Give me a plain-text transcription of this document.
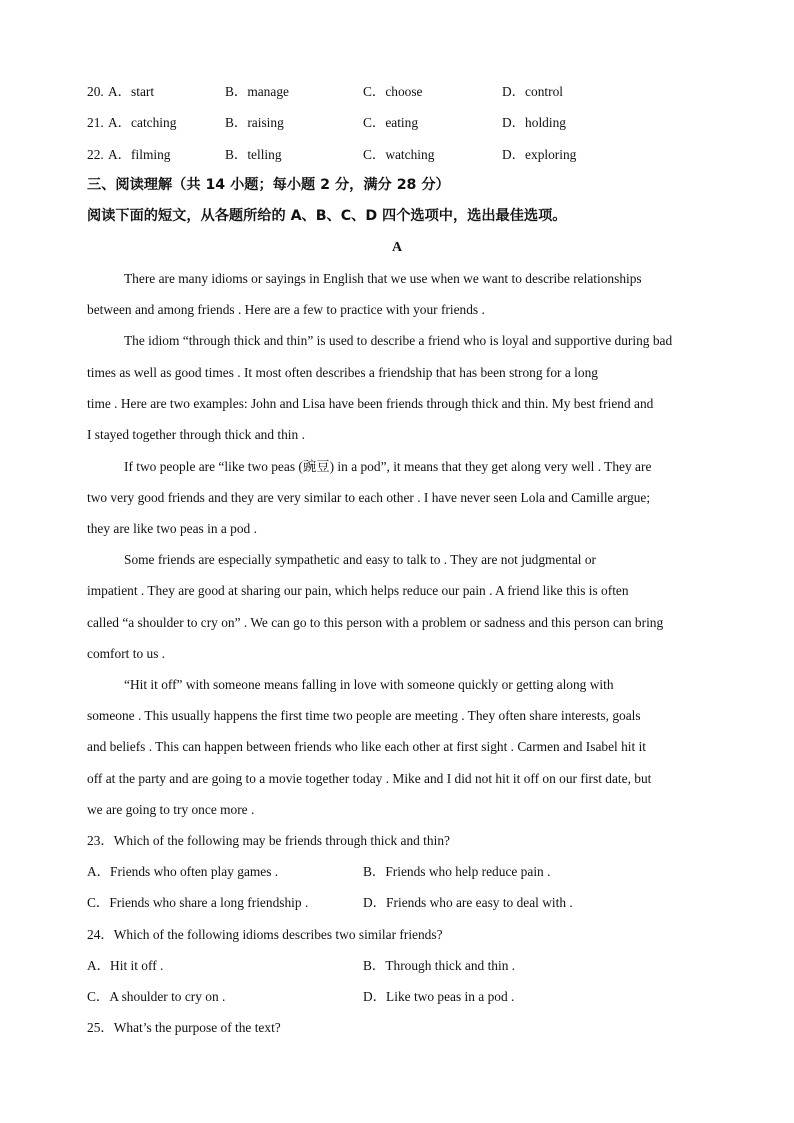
20. A．start	B．manage	C．choose	D．control
21. A．catching	B．raising	C．eating	D．holding
22. A．filming	B．telling	C．watching	D．exploring
三、阅读理解（共 14 小题；每小题 2 分，满分 28 分）
阅读下面的短文，从各题所给的 A、B、C、D 四个选项中，选出最佳选项。
A
There are many idioms or sayings in English that we use when we want to describe relationships
between and among friends . Here are a few to practice with your friends .
The idiom “through thick and thin” is used to describe a friend who is loyal and supportive during bad
times as well as good times . It most often describes a friendship that has been strong for a long
time . Here are two examples: John and Lisa have been friends through thick and thin. My best friend and
I stayed together through thick and thin .
If two people are “like two peas (豌豆) in a pod”, it means that they get along very well . They are
two very good friends and they are very similar to each other . I have never seen Lola and Camille argue;
they are like two peas in a pod .
Some friends are especially sympathetic and easy to talk to . They are not judgmental or
impatient . They are good at sharing our pain, which helps reduce our pain . A friend like this is often
called “a shoulder to cry on” . We can go to this person with a problem or sadness and this person can bring
comfort to us .
“Hit it off” with someone means falling in love with someone quickly or getting along with
someone . This usually happens the first time two people are meeting . They often share interests, goals
and beliefs . This can happen between friends who like each other at first sight . Carmen and Isabel hit it
off at the party and are going to a movie together today . Mike and I did not hit it off on our first date, but
we are going to try once more .
23．Which of the following may be friends through thick and thin?
A．Friends who often play games .	B．Friends who help reduce pain .
C．Friends who share a long friendship .	D．Friends who are easy to deal with .
24．Which of the following idioms describes two similar friends?
A．Hit it off .	B．Through thick and thin .
C．A shoulder to cry on .	D．Like two peas in a pod .
25．What’s the purpose of the text?
